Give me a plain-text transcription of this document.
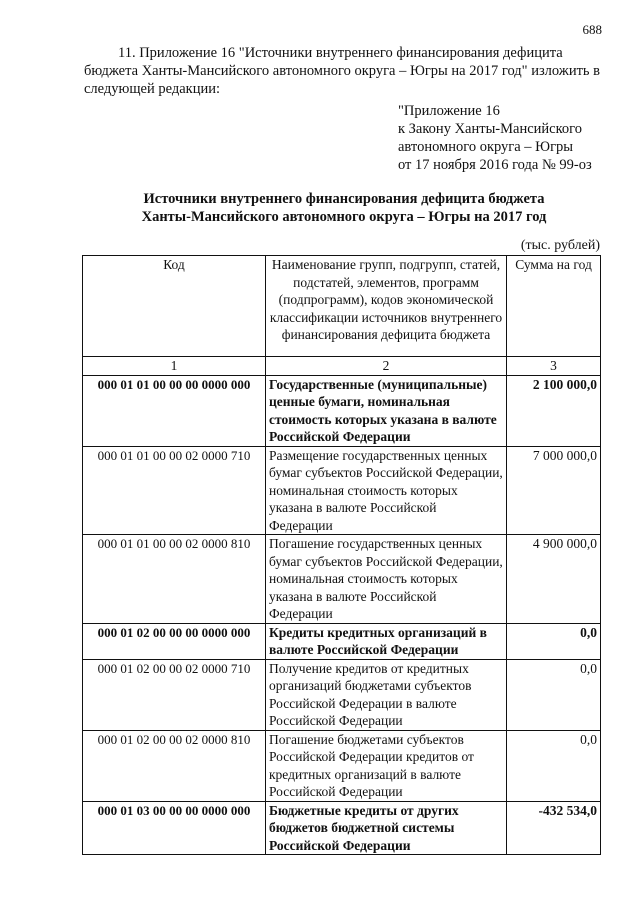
688
11. Приложение 16 "Источники внутреннего финансирования дефицита
бюджета Ханты-Мансийского автономного округа – Югры на 2017 год" изложить в
следующей редакции:
"Приложение 16
к Закону Ханты-Мансийского
автономного округа – Югры
от 17 ноября 2016 года № 99-оз
Источники внутреннего финансирования дефицита бюджета
Ханты-Мансийского автономного округа – Югры на 2017 год
(тыс. рублей)
Код	Наименование групп, подгрупп, статей, подстатей, элементов, программ (подпрограмм), кодов экономической классификации источников внутреннего финансирования дефицита бюджета	Сумма на год
1	2	3
000 01 01 00 00 00 0000 000	Государственные (муниципальные) ценные бумаги, номинальная стоимость которых указана в валюте Российской Федерации	2 100 000,0
000 01 01 00 00 02 0000 710	Размещение государственных ценных бумаг субъектов Российской Федерации, номинальная стоимость которых указана в валюте Российской Федерации	7 000 000,0
000 01 01 00 00 02 0000 810	Погашение государственных ценных бумаг субъектов Российской Федерации, номинальная стоимость которых указана в валюте Российской Федерации	4 900 000,0
000 01 02 00 00 00 0000 000	Кредиты кредитных организаций в валюте Российской Федерации	0,0
000 01 02 00 00 02 0000 710	Получение кредитов от кредитных организаций бюджетами субъектов Российской Федерации в валюте Российской Федерации	0,0
000 01 02 00 00 02 0000 810	Погашение бюджетами субъектов Российской Федерации кредитов от кредитных организаций в валюте Российской Федерации	0,0
000 01 03 00 00 00 0000 000	Бюджетные кредиты от других бюджетов бюджетной системы Российской Федерации	-432 534,0
